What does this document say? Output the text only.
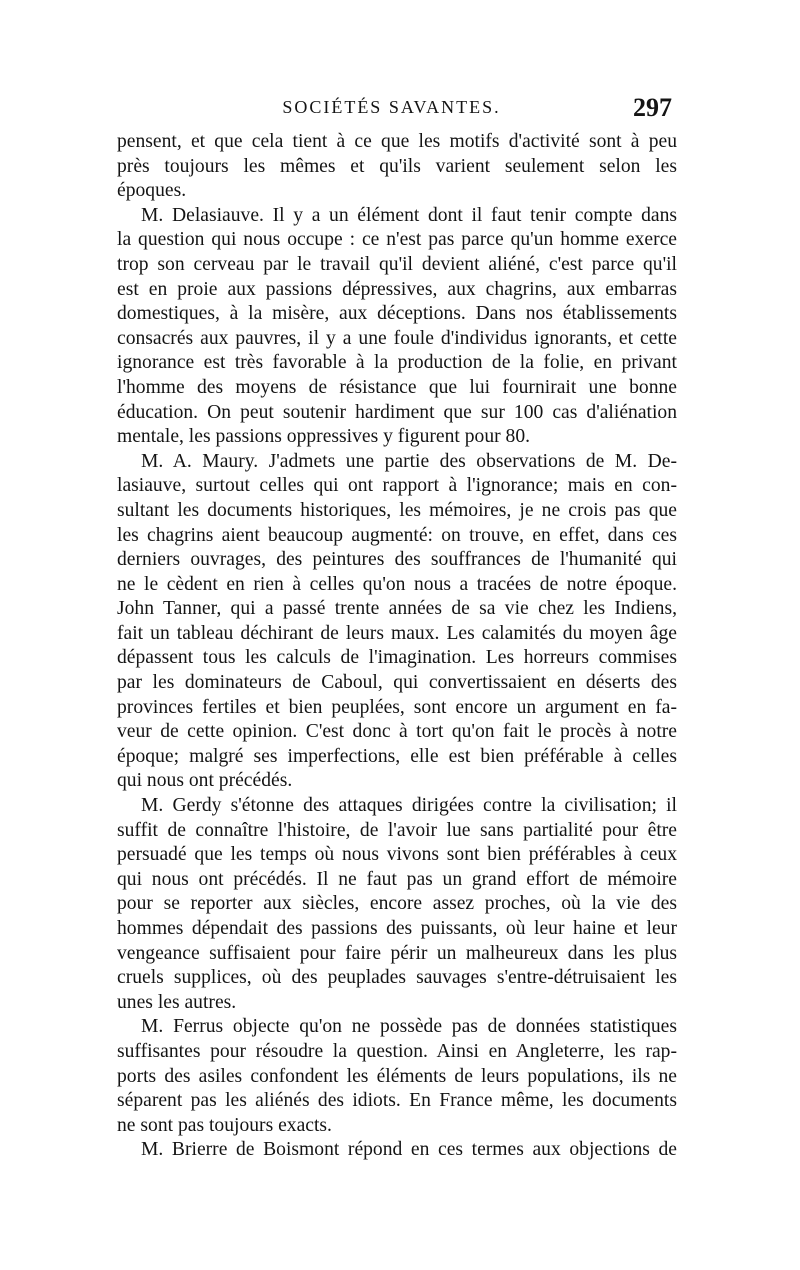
SOCIÉTÉS SAVANTES.	297
pensent, et que cela tient à ce que les motifs d'activité sont à peu
près toujours les mêmes et qu'ils varient seulement selon les
époques.
M. Delasiauve. Il y a un élément dont il faut tenir compte dans
la question qui nous occupe : ce n'est pas parce qu'un homme exerce
trop son cerveau par le travail qu'il devient aliéné, c'est parce qu'il
est en proie aux passions dépressives, aux chagrins, aux embarras
domestiques, à la misère, aux déceptions. Dans nos établissements
consacrés aux pauvres, il y a une foule d'individus ignorants, et cette
ignorance est très favorable à la production de la folie, en privant
l'homme des moyens de résistance que lui fournirait une bonne
éducation. On peut soutenir hardiment que sur 100 cas d'aliénation
mentale, les passions oppressives y figurent pour 80.
M. A. Maury. J'admets une partie des observations de M. De-
lasiauve, surtout celles qui ont rapport à l'ignorance; mais en con-
sultant les documents historiques, les mémoires, je ne crois pas que
les chagrins aient beaucoup augmenté: on trouve, en effet, dans ces
derniers ouvrages, des peintures des souffrances de l'humanité qui
ne le cèdent en rien à celles qu'on nous a tracées de notre époque.
John Tanner, qui a passé trente années de sa vie chez les Indiens,
fait un tableau déchirant de leurs maux. Les calamités du moyen âge
dépassent tous les calculs de l'imagination. Les horreurs commises
par les dominateurs de Caboul, qui convertissaient en déserts des
provinces fertiles et bien peuplées, sont encore un argument en fa-
veur de cette opinion. C'est donc à tort qu'on fait le procès à notre
époque; malgré ses imperfections, elle est bien préférable à celles
qui nous ont précédés.
M. Gerdy s'étonne des attaques dirigées contre la civilisation; il
suffit de connaître l'histoire, de l'avoir lue sans partialité pour être
persuadé que les temps où nous vivons sont bien préférables à ceux
qui nous ont précédés. Il ne faut pas un grand effort de mémoire
pour se reporter aux siècles, encore assez proches, où la vie des
hommes dépendait des passions des puissants, où leur haine et leur
vengeance suffisaient pour faire périr un malheureux dans les plus
cruels supplices, où des peuplades sauvages s'entre-détruisaient les
unes les autres.
M. Ferrus objecte qu'on ne possède pas de données statistiques
suffisantes pour résoudre la question. Ainsi en Angleterre, les rap-
ports des asiles confondent les éléments de leurs populations, ils ne
séparent pas les aliénés des idiots. En France même, les documents
ne sont pas toujours exacts.
M. Brierre de Boismont répond en ces termes aux objections de
